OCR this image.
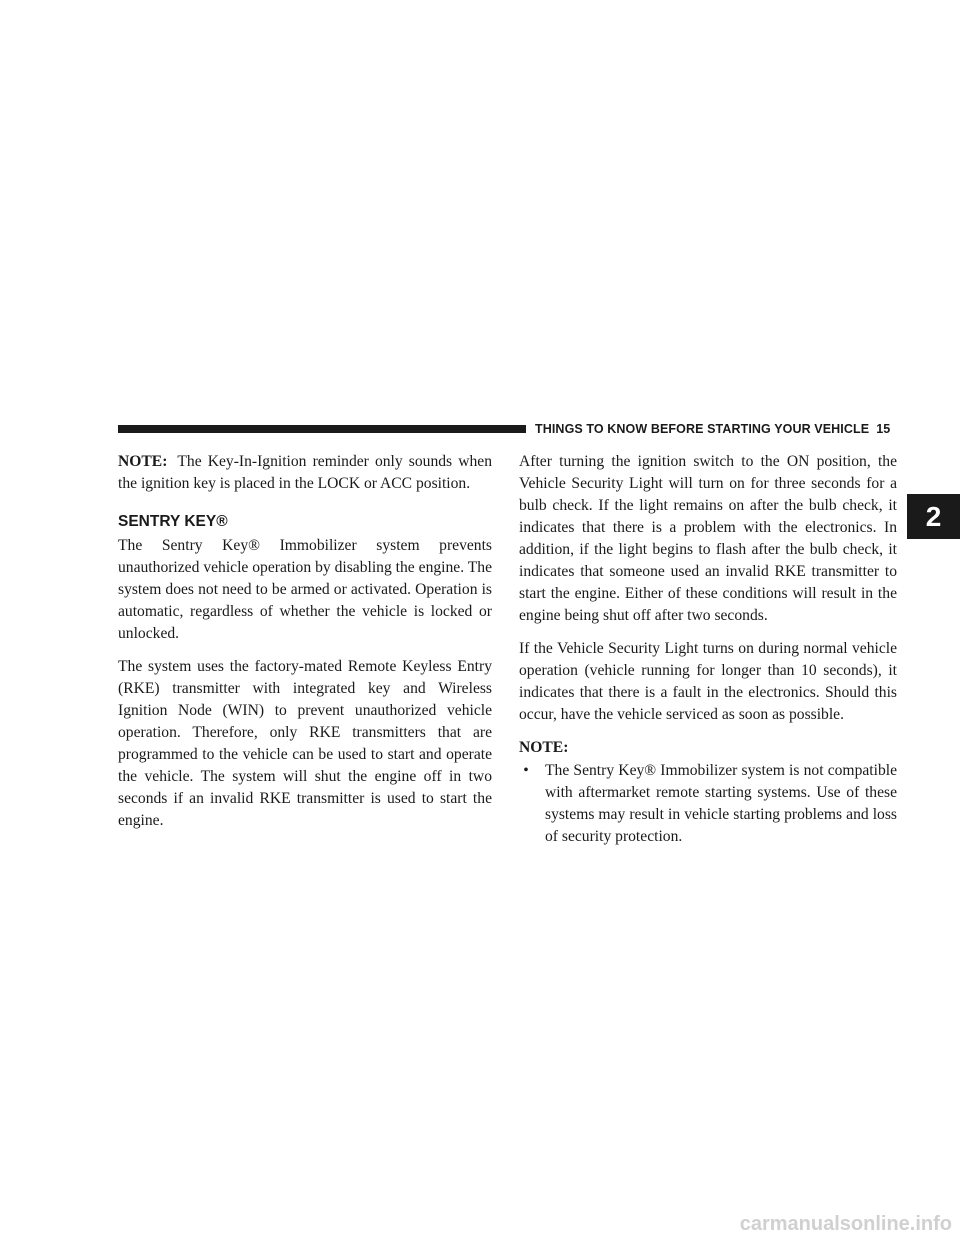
THINGS TO KNOW BEFORE STARTING YOUR VEHICLE 15
2

NOTE: The Key-In-Ignition reminder only sounds when the ignition key is placed in the LOCK or ACC position.

SENTRY KEY®

The Sentry Key® Immobilizer system prevents unauthorized vehicle operation by disabling the engine. The system does not need to be armed or activated. Operation is automatic, regardless of whether the vehicle is locked or unlocked.

The system uses the factory-mated Remote Keyless Entry (RKE) transmitter with integrated key and Wireless Ignition Node (WIN) to prevent unauthorized vehicle operation. Therefore, only RKE transmitters that are programmed to the vehicle can be used to start and operate the vehicle. The system will shut the engine off in two seconds if an invalid RKE transmitter is used to start the engine.

After turning the ignition switch to the ON position, the Vehicle Security Light will turn on for three seconds for a bulb check. If the light remains on after the bulb check, it indicates that there is a problem with the electronics. In addition, if the light begins to flash after the bulb check, it indicates that someone used an invalid RKE transmitter to start the engine. Either of these conditions will result in the engine being shut off after two seconds.

If the Vehicle Security Light turns on during normal vehicle operation (vehicle running for longer than 10 seconds), it indicates that there is a fault in the electronics. Should this occur, have the vehicle serviced as soon as possible.

NOTE:

• The Sentry Key® Immobilizer system is not compatible with aftermarket remote starting systems. Use of these systems may result in vehicle starting problems and loss of security protection.

carmanualsonline.info
